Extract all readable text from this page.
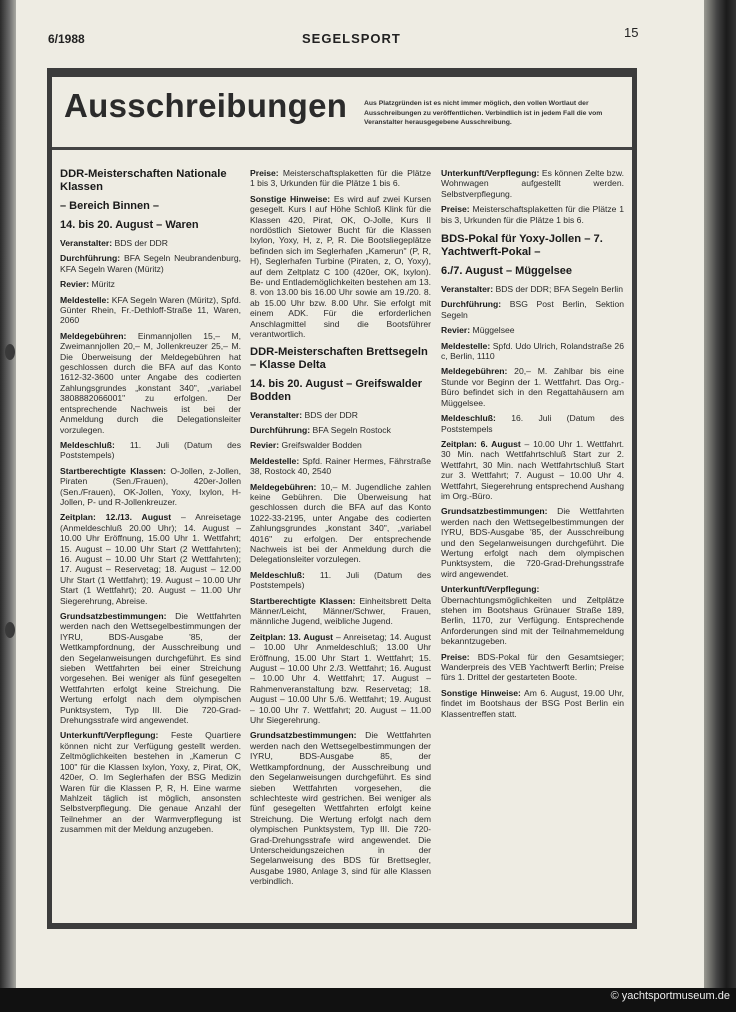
6/1988	SEGELSPORT	15
Ausschreibungen Aus Platzgründen ist es nicht immer möglich, den vollen Wortlaut der Ausschreibungen zu veröffentlichen. Verbindlich ist in jedem Fall die vom Veranstalter herausgegebene Ausschreibung.
DDR-Meisterschaften Nationale Klassen
– Bereich Binnen –
14. bis 20. August – Waren

Veranstalter: BDS der DDR

Durchführung: BFA Segeln Neubrandenburg, KFA Segeln Waren (Müritz)

Revier: Müritz

Meldestelle: KFA Segeln Waren (Müritz), Spfd. Günter Rhein, Fr.-Dethloff-Straße 11, Waren, 2060

Meldegebühren: Einmannjollen 15,– M, Zweimannjollen 20,– M, Jollenkreuzer 25,– M. Die Überweisung der Meldegebühren hat geschlossen durch die BFA auf das Konto 1612-32-3600 unter Angabe des codierten Zahlungsgrundes „konstant 340", „variabel 3808882066001" zu erfolgen. Der entsprechende Nachweis ist bei der Anmeldung durch die Delegationsleiter vorzulegen.

Meldeschluß: 11. Juli (Datum des Poststempels)

Startberechtigte Klassen: O-Jollen, z-Jollen, Piraten (Sen./Frauen), 420er-Jollen (Sen./Frauen), OK-Jollen, Yoxy, Ixylon, H-Jollen, P- und R-Jollenkreuzer.

Zeitplan: 12./13. August – Anreisetage (Anmeldeschluß 20.00 Uhr); 14. August – 10.00 Uhr Eröffnung, 15.00 Uhr 1. Wettfahrt; 15. August – 10.00 Uhr Start (2 Wettfahrten); 16. August – 10.00 Uhr Start (2 Wettfahrten); 17. August – Reservetag; 18. August – 12.00 Uhr Start (1 Wettfahrt); 19. August – 10.00 Uhr Start (1 Wettfahrt); 20. August – 11.00 Uhr Siegerehrung, Abreise.

Grundsatzbestimmungen: Die Wettfahrten werden nach den Wettsegelbestimmungen der IYRU, BDS-Ausgabe '85, der Wettkampfordnung, der Ausschreibung und den Segelanweisungen durchgeführt. Es sind sieben Wettfahrten bei einer Streichung vorgesehen. Bei weniger als fünf gesegelten Wettfahrten erfolgt keine Streichung. Die Wertung erfolgt nach dem olympischen Punktsystem, Typ III. Die 720-Grad-Drehungsstrafe wird angewendet.

Unterkunft/Verpflegung: Feste Quartiere können nicht zur Verfügung gestellt werden. Zeltmöglichkeiten bestehen in „Kamerun C 100" für die Klassen Ixylon, Yoxy, z, Pirat, OK, 420er, O. Im Seglerhafen der BSG Medizin Waren für die Klassen P, R, H. Eine warme Mahlzeit täglich ist möglich, ansonsten Selbstverpflegung. Die genaue Anzahl der Teilnehmer an der Warmverpflegung ist zusammen mit der Meldung anzugeben.

Preise: Meisterschaftsplaketten für die Plätze 1 bis 3, Urkunden für die Plätze 1 bis 6.

Sonstige Hinweise: Es wird auf zwei Kursen gesegelt. Kurs I auf Höhe Schloß Klink für die Klassen 420, Pirat, OK, O-Jolle, Kurs II nordöstlich Sietower Bucht für die Klassen Ixylon, Yoxy, H, z, P, R. Die Bootsliegeplätze befinden sich im Seglerhafen „Kamerun" (P, R, H), Seglerhafen Turbine (Piraten, z, O, Yoxy), auf dem Zeltplatz C 100 (420er, OK, Ixylon). Be- und Entlademöglichkeiten bestehen am 13. 8. von 13.00 bis 16.00 Uhr sowie am 19./20. 8. ab 15.00 Uhr bzw. 8.00 Uhr. Sie erfolgt mit einem ADK. Für die erforderlichen Anschlagmittel sind die Bootsführer verantwortlich.

DDR-Meisterschaften Brettsegeln – Klasse Delta
14. bis 20. August – Greifswalder Bodden

Veranstalter: BDS der DDR

Durchführung: BFA Segeln Rostock

Revier: Greifswalder Bodden

Meldestelle: Spfd. Rainer Hermes, Fährstraße 38, Rostock 40, 2540

Meldegebühren: 10,– M. Jugendliche zahlen keine Gebühren. Die Überweisung hat geschlossen durch die BFA auf das Konto 1022-33-2195, unter Angabe des codierten Zahlungsgrundes „konstant 340", „variabel 4016" zu erfolgen. Der entsprechende Nachweis ist bei der Anmeldung durch die Delegationsleiter vorzulegen.

Meldeschluß: 11. Juli (Datum des Poststempels)

Startberechtigte Klassen: Einheitsbrett Delta Männer/Leicht, Männer/Schwer, Frauen, männliche Jugend, weibliche Jugend.

Zeitplan: 13. August – Anreisetag; 14. August – 10.00 Uhr Anmeldeschluß; 13.00 Uhr Eröffnung, 15.00 Uhr Start 1. Wettfahrt; 15. August – 10.00 Uhr 2./3. Wettfahrt; 16. August – 10.00 Uhr 4. Wettfahrt; 17. August – Rahmenveranstaltung bzw. Reservetag; 18. August – 10.00 Uhr 5./6. Wettfahrt; 19. August – 10.00 Uhr 7. Wettfahrt; 20. August – 11.00 Uhr Siegerehrung.

Grundsatzbestimmungen: Die Wettfahrten werden nach den Wettsegelbestimmungen der IYRU, BDS-Ausgabe 85, der Wettkampfordnung, der Ausschreibung und den Segelanweisungen durchgeführt. Es sind sieben Wettfahrten vorgesehen, die schlechteste wird gestrichen. Bei weniger als fünf gesegelten Wettfahrten erfolgt keine Streichung. Die Wertung erfolgt nach dem olympischen Punktsystem, Typ III. Die 720-Grad-Drehungsstrafe wird angewendet. Die Unterscheidungszeichen in der Segelanweisung des BDS für Brettsegler, Ausgabe 1980, Anlage 3, sind für alle Klassen verbindlich.

Unterkunft/Verpflegung: Es können Zelte bzw. Wohnwagen aufgestellt werden. Selbstverpflegung.

Preise: Meisterschaftsplaketten für die Plätze 1 bis 3, Urkunden für die Plätze 1 bis 6.

BDS-Pokal für Yoxy-Jollen – 7. Yachtwerft-Pokal –
6./7. August – Müggelsee

Veranstalter: BDS der DDR; BFA Segeln Berlin

Durchführung: BSG Post Berlin, Sektion Segeln

Revier: Müggelsee

Meldestelle: Spfd. Udo Ulrich, Rolandstraße 26 c, Berlin, 1110

Meldegebühren: 20,– M. Zahlbar bis eine Stunde vor Beginn der 1. Wettfahrt. Das Org.-Büro befindet sich in den Regattahäusern am Müggelsee.

Meldeschluß: 16. Juli (Datum des Poststempels

Zeitplan: 6. August – 10.00 Uhr 1. Wettfahrt. 30 Min. nach Wettfahrtschluß Start zur 2. Wettfahrt, 30 Min. nach Wettfahrtschluß Start zur 3. Wettfahrt; 7. August – 10.00 Uhr 4. Wettfahrt, Siegerehrung entsprechend Aushang im Org.-Büro.

Grundsatzbestimmungen: Die Wettfahrten werden nach den Wettsegelbestimmungen der IYRU, BDS-Ausgabe '85, der Ausschreibung und den Segelanweisungen durchgeführt. Die Wertung erfolgt nach dem olympischen Punktsystem, die 720-Grad-Drehungsstrafe wird angewendet.

Unterkunft/Verpflegung: Übernachtungsmöglichkeiten und Zeltplätze stehen im Bootshaus Grünauer Straße 189, Berlin, 1170, zur Verfügung. Entsprechende Anforderungen sind mit der Teilnahmemeldung bekanntzugeben.

Preise: BDS-Pokal für den Gesamtsieger; Wanderpreis des VEB Yachtwerft Berlin; Preise fürs 1. Drittel der gestarteten Boote.

Sonstige Hinweise: Am 6. August, 19.00 Uhr, findet im Bootshaus der BSG Post Berlin ein Klassentreffen statt.

© yachtsportmuseum.de
